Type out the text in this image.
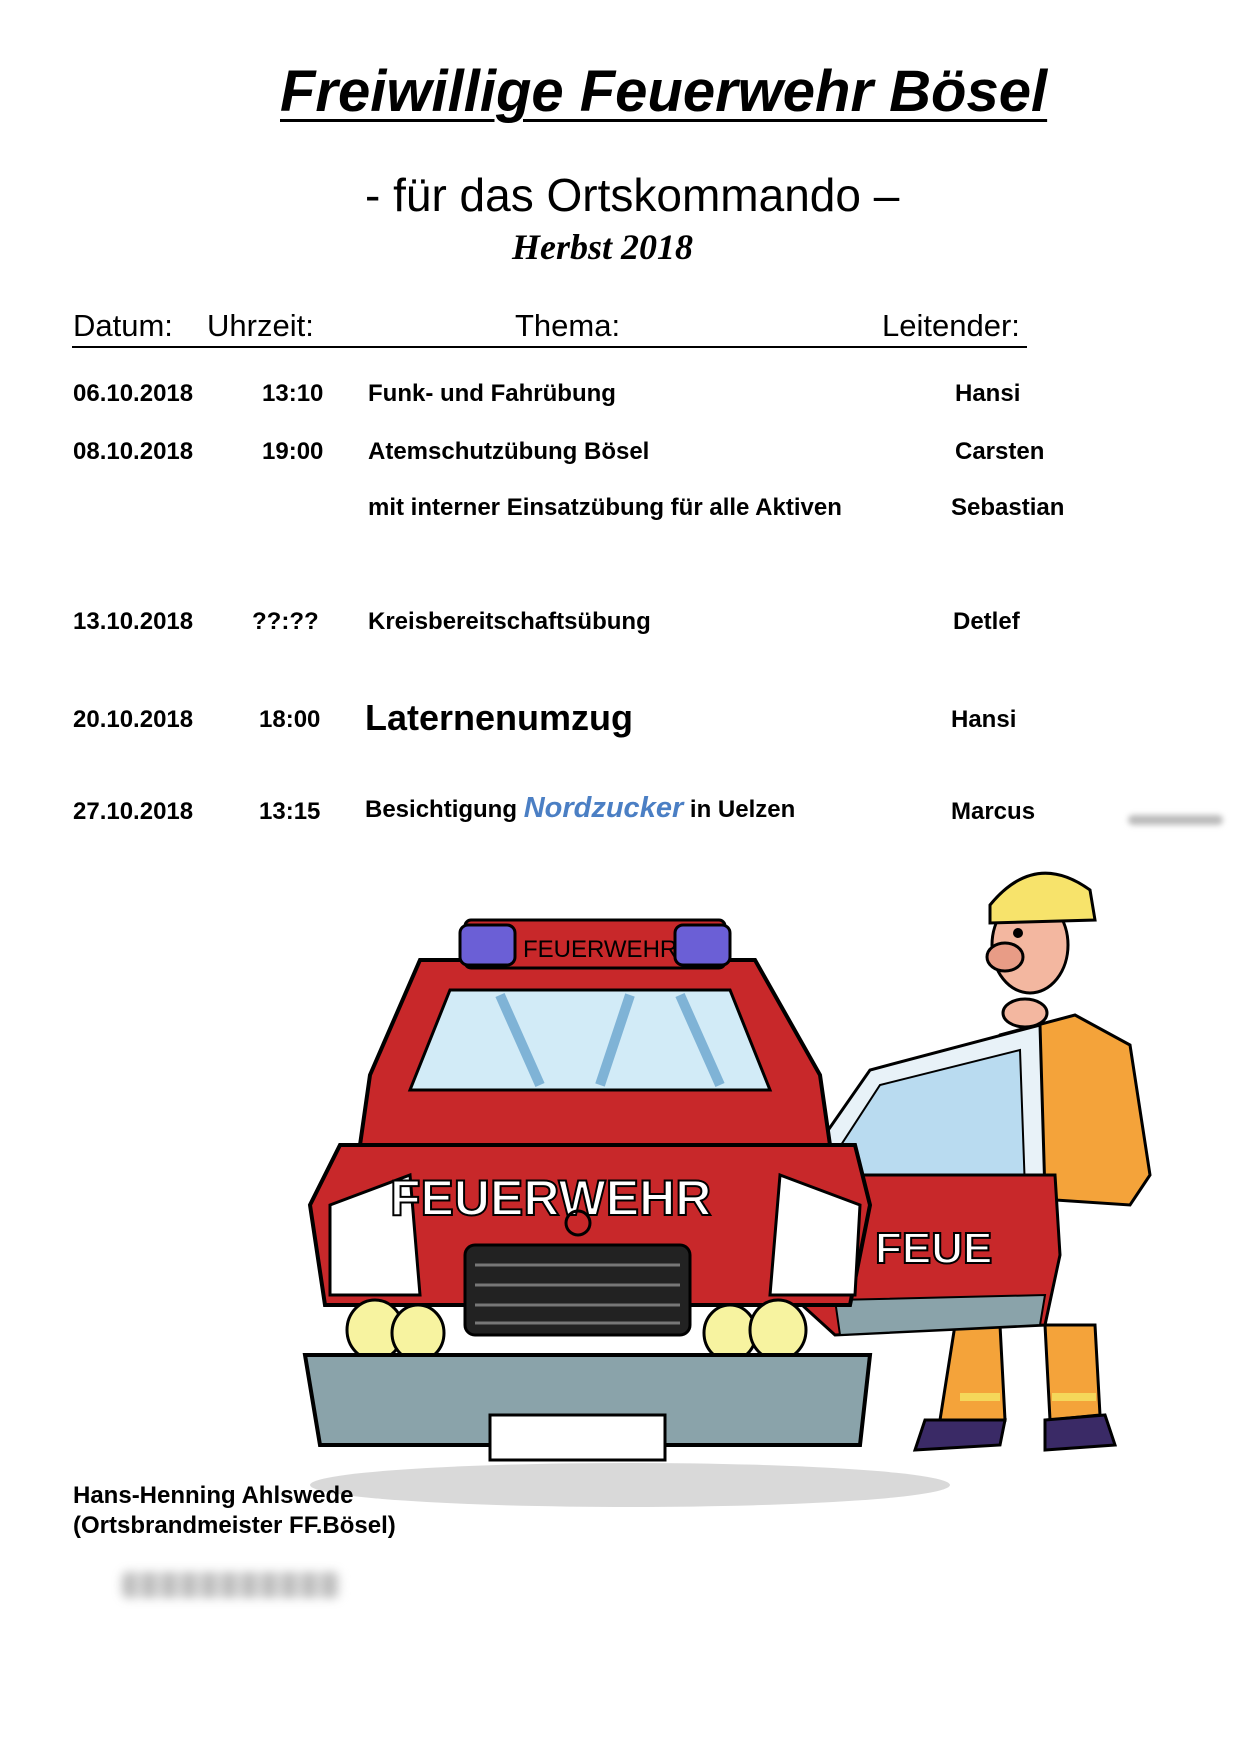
Freiwillige Feuerwehr Bösel
- für das Ortskommando –
Herbst 2018
Datum: Uhrzeit:	Thema:	Leitender:
06.10.2018	13:10 Funk- und Fahrübung	Hansi
08.10.2018	19:00 Atemschutzübung Bösel	Carsten
mit interner Einsatzübung für alle Aktiven	Sebastian
13.10.2018 ??:?? Kreisbereitschaftsübung	Detlef
20.10.2018	18:00 Laternenumzug	Hansi
27.10.2018	13:15 Besichtigung Nordzucker in Uelzen	Marcus
FEUE
FEUERWEHR
FEUERWEHR
Hans-Henning Ahlswede
(Ortsbrandmeister FF.Bösel)
